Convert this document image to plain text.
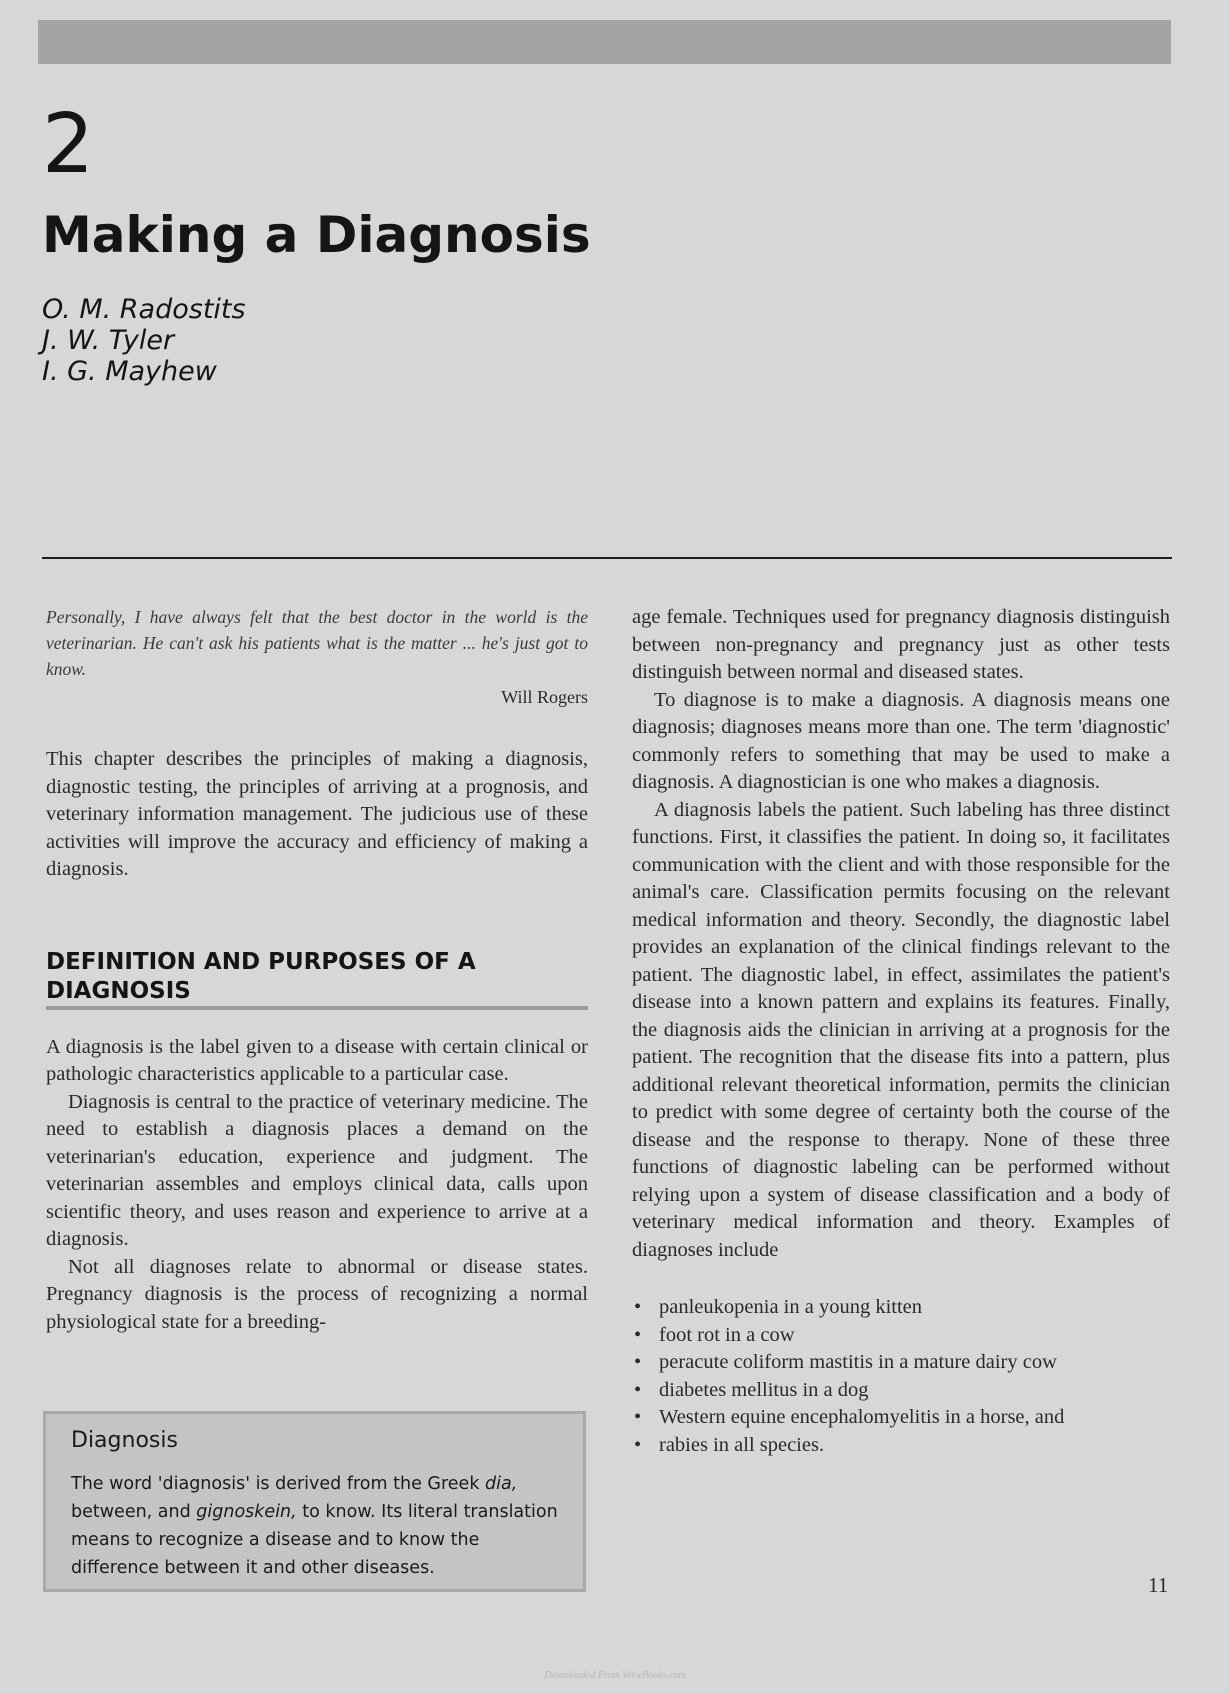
2
Making a Diagnosis
O. M. Radostits
J. W. Tyler
I. G. Mayhew
Personally, I have always felt that the best doctor in the world is the veterinarian. He can't ask his patients what is the matter ... he's just got to know.
Will Rogers

This chapter describes the principles of making a diagnosis, diagnostic testing, the principles of arriving at a prognosis, and veterinary information management. The judicious use of these activities will improve the accuracy and efficiency of making a diagnosis.

DEFINITION AND PURPOSES OF A
DIAGNOSIS

A diagnosis is the label given to a disease with certain clinical or pathologic characteristics applicable to a particular case.

Diagnosis is central to the practice of veterinary medicine. The need to establish a diagnosis places a demand on the veterinarian's education, experience and judgment. The veterinarian assembles and employs clinical data, calls upon scientific theory, and uses reason and experience to arrive at a diagnosis.

Not all diagnoses relate to abnormal or disease states. Pregnancy diagnosis is the process of recognizing a normal physiological state for a breeding-

Diagnosis
The word 'diagnosis' is derived from the Greek dia, between, and gignoskein, to know. Its literal translation means to recognize a disease and to know the difference between it and other diseases.

age female. Techniques used for pregnancy diagnosis distinguish between non-pregnancy and pregnancy just as other tests distinguish between normal and diseased states.

To diagnose is to make a diagnosis. A diagnosis means one diagnosis; diagnoses means more than one. The term 'diagnostic' commonly refers to something that may be used to make a diagnosis. A diagnostician is one who makes a diagnosis.

A diagnosis labels the patient. Such labeling has three distinct functions. First, it classifies the patient. In doing so, it facilitates communication with the client and with those responsible for the animal's care. Classification permits focusing on the relevant medical information and theory. Secondly, the diagnostic label provides an explanation of the clinical findings relevant to the patient. The diagnostic label, in effect, assimilates the patient's disease into a known pattern and explains its features. Finally, the diagnosis aids the clinician in arriving at a prognosis for the patient. The recognition that the disease fits into a pattern, plus additional relevant theoretical information, permits the clinician to predict with some degree of certainty both the course of the disease and the response to therapy. None of these three functions of diagnostic labeling can be performed without relying upon a system of disease classification and a body of veterinary medical information and theory. Examples of diagnoses include

• panleukopenia in a young kitten
• foot rot in a cow
• peracute coliform mastitis in a mature dairy cow
• diabetes mellitus in a dog
• Western equine encephalomyelitis in a horse, and
• rabies in all species.
11
Downloaded From Vet-eBooks.com
